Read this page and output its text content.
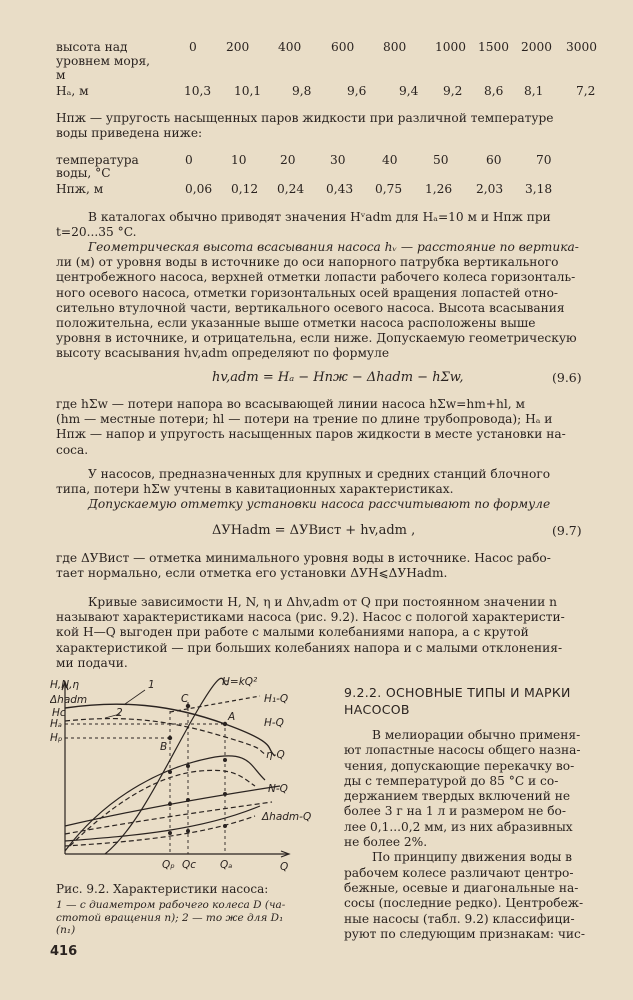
высота над
уровнем моря,
м
0 200 400 600 800 1000 1500 2000 3000
Hₐ, м	10,3 10,1	9,8	9,6	9,4 9,2 8,6 8,1	7,2
Hпж — упругость насыщенных паров жидкости при различной температуре
воды приведена ниже:
температура
воды, °C
0	10	20	30	40	50	60	70
Hпж, м	0,06 0,12 0,24 0,43 0,75 1,26 2,03 3,18
В каталогах обычно приводят значения Hᵛadm для Hₐ=10 м и Hпж при
t=20...35 °C.
Геометрическая высота всасывания насоса hᵥ — расстояние по вертика-
ли (м) от уровня воды в источнике до оси напорного патрубка вертикального
центробежного насоса, верхней отметки лопасти рабочего колеса горизонталь-
ного осевого насоса, отметки горизонтальных осей вращения лопастей отно-
сительно втулочной части, вертикального осевого насоса. Высота всасывания
положительна, если указанные выше отметки насоса расположены выше
уровня в источнике, и отрицательна, если ниже. Допускаемую геометрическую
высоту всасывания hv,adm определяют по формуле
hv,adm = Hₐ − Hпж − Δhadm − hΣw,	(9.6)
где hΣw — потери напора во всасывающей линии насоса hΣw=hm+hl, м
(hm — местные потери; hl — потери на трение по длине трубопровода); Hₐ и
Hпж — напор и упругость насыщенных паров жидкости в месте установки на-
соса.
У насосов, предназначенных для крупных и средних станций блочного
типа, потери hΣw учтены в кавитационных характеристиках.
Допускаемую отметку установки насоса рассчитывают по формуле
ΔУНadm = ΔУВист + hv,adm ,	(9.7)
где ΔУВист — отметка минимального уровня воды в источнике. Насос рабо-
тает нормально, если отметка его установки ΔУН⩽ΔУНadm.
Кривые зависимости H, N, η и Δhv,adm от Q при постоянном значении n
называют характеристиками насоса (рис. 9.2). Насос с пологой характеристи-
кой H—Q выгоден при работе с малыми колебаниями напора, а с крутой
характеристикой — при больших колебаниях напора и с малыми отклонения-
ми подачи.
H,N,η
Δhadm
Hₐ
Hₚ
Hc
1
2
H=kQ²
H₁-Q
H-Q
η-Q
N-Q
Δhadm-Q
A
B
C
Qₚ Qc Qₐ	Q
Рис. 9.2. Характеристики насоса:
1 — с диаметром рабочего колеса D (ча-
стотой вращения n); 2 — то же для D₁
(n₁)
9.2.2. ОСНОВНЫЕ ТИПЫ И МАРКИ
НАСОСОВ
В мелиорации обычно применя-
ют лопастные насосы общего назна-
чения, допускающие перекачку во-
ды с температурой до 85 °C и со-
держанием твердых включений не
более 3 г на 1 л и размером не бо-
лее 0,1...0,2 мм, из них абразивных
не более 2%.
По принципу движения воды в
рабочем колесе различают центро-
бежные, осевые и диагональные на-
сосы (последние редко). Центробеж-
ные насосы (табл. 9.2) классифици-
руют по следующим признакам: чис-
416
